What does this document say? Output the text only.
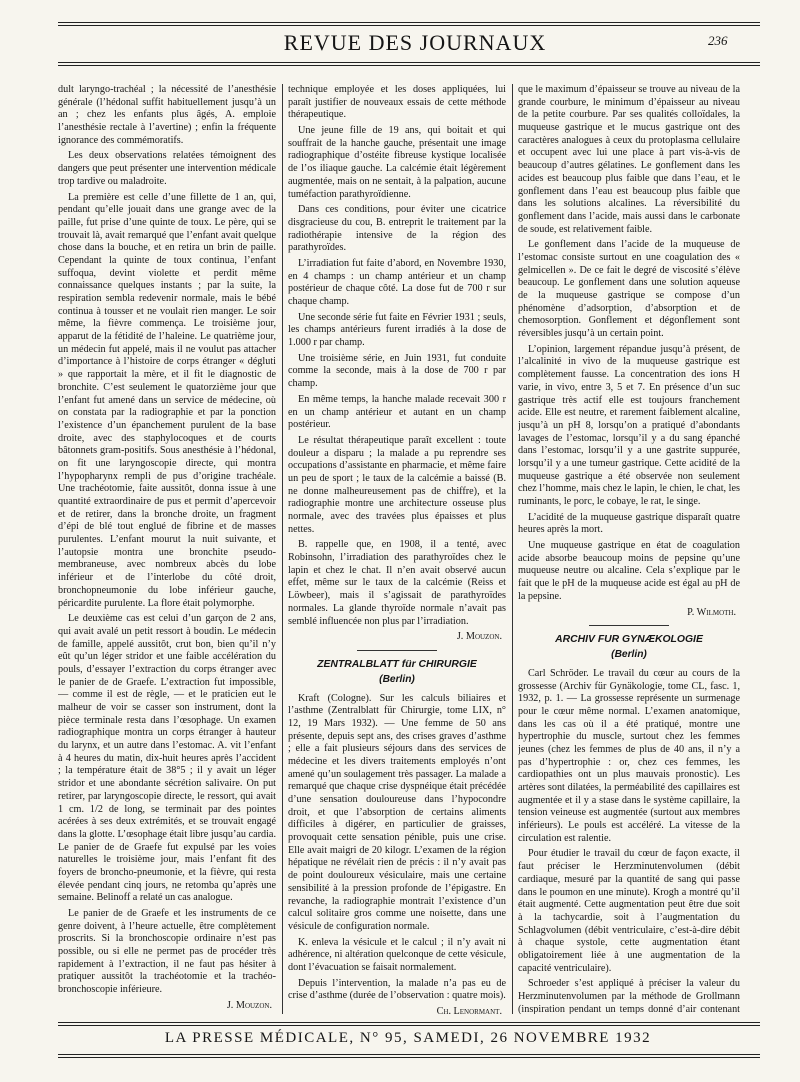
REVUE DES JOURNAUX	236

dult laryngo-trachéal ; la nécessité de l’anesthésie générale (l’hédonal suffit habituellement jusqu’à un an ; chez les enfants plus âgés, A. emploie l’anesthésie rectale à l’avertine) ; enfin la fréquente ignorance des commémoratifs.

Les deux observations relatées témoignent des dangers que peut présenter une intervention médicale trop tardive ou maladroite.

La première est celle d’une fillette de 1 an, qui, pendant qu’elle jouait dans une grange avec de la paille, fut prise d’une quinte de toux. Le père, qui se trouvait là, avait remarqué que l’enfant avait quelque chose dans la bouche, et en retira un brin de paille. Cependant la quinte de toux continua, l’enfant suffoqua, devint violette et perdit même connaissance quelques instants ; par la suite, la respiration sembla redevenir normale, mais le bébé continua à tousser et ne voulait rien manger. Le soir même, la fièvre commença. Le troisième jour, apparut de la fétidité de l’haleine. Le quatrième jour, un médecin fut appelé, mais il ne voulut pas attacher d’importance à l’histoire de corps étranger « dégluti » que rapportait la mère, et il fit le diagnostic de bronchite. C’est seulement le quatorzième jour que l’enfant fut amené dans un service de médecine, où on constata par la radiographie et par la ponction l’existence d’un épanchement purulent de la base droite, avec des staphylocoques et de courts bâtonnets gram-positifs. Sous anesthésie à l’hédonal, on fit une laryngoscopie directe, qui montra l’hypopharynx rempli de pus d’origine trachéale. Une trachéotomie, faite aussitôt, donna issue à une quantité extraordinaire de pus et permit d’apercevoir et de retirer, dans la bronche droite, un fragment d’épi de blé tout englué de fibrine et de masses purulentes. L’enfant mourut la nuit suivante, et l’autopsie montra une bronchite pseudo-membraneuse, avec nombreux abcès du lobe inférieur et de l’interlobe du côté droit, bronchopneumonie du lobe inférieur gauche, péricardite purulente. La flore était polymorphe.

Le deuxième cas est celui d’un garçon de 2 ans, qui avait avalé un petit ressort à boudin. Le médecin de famille, appelé aussitôt, crut bon, bien qu’il n’y eût qu’un léger stridor et une faible accélération du pouls, d’essayer l’extraction du corps étranger avec le panier de de Graefe. L’extraction fut impossible, — comme il est de règle, — et le praticien eut le malheur de voir se casser son instrument, dont la pièce terminale resta dans l’œsophage. Un examen radiographique montra un corps étranger à hauteur du larynx, et un autre dans l’estomac. A. vit l’enfant à 4 heures du matin, dix-huit heures après l’accident ; la température était de 38°5 ; il y avait un léger stridor et une abondante sécrétion salivaire. On put retirer, par laryngoscopie directe, le ressort, qui avait 1 cm. 1/2 de long, se terminait par des pointes acérées à ses deux extrémités, et se trouvait engagé dans la glotte. L’œsophage était libre jusqu’au cardia. Le panier de de Graefe fut expulsé par les voies naturelles le troisième jour, mais l’enfant fit des foyers de broncho-pneumonie, et la fièvre, qui resta élevée pendant cinq jours, ne retomba qu’après une semaine. Belinoff a relaté un cas analogue.

Le panier de de Graefe et les instruments de ce genre doivent, à l’heure actuelle, être complètement proscrits. Si la bronchoscopie ordinaire n’est pas possible, ou si elle ne permet pas de procéder très rapidement à l’extraction, il ne faut pas hésiter à pratiquer aussitôt la trachéotomie et la trachéo-bronchoscopie inférieure.

J. Mouzon.

technique employée et les doses appliquées, lui paraît justifier de nouveaux essais de cette méthode thérapeutique.

Une jeune fille de 19 ans, qui boitait et qui souffrait de la hanche gauche, présentait une image radiographique d’ostéite fibreuse kystique localisée de l’os iliaque gauche. La calcémie était légèrement augmentée, mais on ne sentait, à la palpation, aucune tuméfaction parathyroïdienne.

Dans ces conditions, pour éviter une cicatrice disgracieuse du cou, B. entreprit le traitement par la radiothérapie intensive de la région des parathyroïdes.

L’irradiation fut faite d’abord, en Novembre 1930, en 4 champs : un champ antérieur et un champ postérieur de chaque côté. La dose fut de 700 r sur chaque champ.

Une seconde série fut faite en Février 1931 ; seuls, les champs antérieurs furent irradiés à la dose de 1.000 r par champ.

Une troisième série, en Juin 1931, fut conduite comme la seconde, mais à la dose de 700 r par champ.

En même temps, la hanche malade recevait 300 r en un champ antérieur et autant en un champ postérieur.

Le résultat thérapeutique paraît excellent : toute douleur a disparu ; la malade a pu reprendre ses occupations d’assistante en pharmacie, et même faire un peu de sport ; le taux de la calcémie a baissé (B. ne donne malheureusement pas de chiffre), et la radiographie montre une architecture osseuse plus normale, avec des travées plus épaisses et plus nettes.

B. rappelle que, en 1908, il a tenté, avec Robinsohn, l’irradiation des parathyroïdes chez le lapin et chez le chat. Il n’en avait observé aucun effet, même sur le taux de la calcémie (Reiss et Löwbeer), mais il s’agissait de parathyroïdes normales. La glande thyroïde normale n’avait pas semblé influencée non plus par l’irradiation.

J. Mouzon.
ZENTRALBLATT für CHIRURGIE
(Berlin)

Kraft (Cologne). Sur les calculs biliaires et l’asthme (Zentralblatt für Chirurgie, tome LIX, n° 12, 19 Mars 1932). — Une femme de 50 ans présente, depuis sept ans, des crises graves d’asthme ; elle a fait plusieurs séjours dans des services de médecine et les divers traitements employés n’ont amené qu’un soulagement très passager. La malade a remarqué que chaque crise dyspnéique était précédée d’une sensation douloureuse dans l’hypocondre droit, et que l’absorption de certains aliments difficiles à digérer, en particulier de graisses, provoquait cette sensation pénible, puis une crise. Elle avait maigri de 20 kilogr. L’examen de la région hépatique ne révélait rien de précis : il n’y avait pas de point douloureux vésiculaire, mais une certaine sensibilité à la pression profonde de l’épigastre. En revanche, la radiographie montrait l’existence d’un calcul solitaire gros comme une noisette, dans une vésicule de configuration normale.

K. enleva la vésicule et le calcul ; il n’y avait ni adhérence, ni altération quelconque de cette vésicule, dont l’évacuation se faisait normalement.

Depuis l’intervention, la malade n’a pas eu de crise d’asthme (durée de l’observation : quatre mois).

Ch. Lenormant.

que le maximum d’épaisseur se trouve au niveau de la grande courbure, le minimum d’épaisseur au niveau de la petite courbure. Par ses qualités colloïdales, la muqueuse gastrique et le mucus gastrique ont des caractères analogues à ceux du protoplasma cellulaire et occupent avec lui une place à part vis-à-vis de beaucoup d’autres gélatines. Le gonflement dans les acides est beaucoup plus faible que dans l’eau, et le gonflement dans l’eau est beaucoup plus faible que dans les solutions alcalines. La réversibilité du gonflement dans l’acide, mais aussi dans le carbonate de soude, est relativement faible.

Le gonflement dans l’acide de la muqueuse de l’estomac consiste surtout en une coagulation des « gelmicellen ». De ce fait le degré de viscosité s’élève beaucoup. Le gonflement dans une solution aqueuse de la muqueuse gastrique se compose d’un phénomène d’adsorption, d’absorption et de chemosorption. Gonflement et dégonflement sont réversibles jusqu’à un certain point.

L’opinion, largement répandue jusqu’à présent, de l’alcalinité in vivo de la muqueuse gastrique est complètement fausse. La concentration des ions H varie, in vivo, entre 3, 5 et 7. En présence d’un suc gastrique très actif elle est toujours franchement acide. Elle est neutre, et rarement faiblement alcaline, jusqu’à un pH 8, lorsqu’on a pratiqué d’abondants lavages de l’estomac, lorsqu’il y a du sang épanché dans l’estomac, lorsqu’il y a une gastrite suppurée, lorsqu’il y a une tumeur gastrique. Cette acidité de la muqueuse gastrique a été observée non seulement chez l’homme, mais chez le lapin, le chien, le chat, les ruminants, le porc, le cobaye, le rat, le singe.

L’acidité de la muqueuse gastrique disparaît quatre heures après la mort.

Une muqueuse gastrique en état de coagulation acide absorbe beaucoup moins de pepsine qu’une muqueuse neutre ou alcaline. Cela s’explique par le fait que le pH de la muqueuse acide est égal au pH de la pepsine.

P. Wilmoth.
ARCHIV FUR GYNÆKOLOGIE
(Berlin)

Carl Schröder. Le travail du cœur au cours de la grossesse (Archiv für Gynäkologie, tome CL, fasc. 1, 1932, p. 1. — La grossesse représente un surmenage pour le cœur même normal. L’examen anatomique, dans les cas où il a été pratiqué, montre une hypertrophie du muscle, surtout chez les femmes jeunes (chez les femmes de plus de 40 ans, il n’y a pas d’hypertrophie : or, chez ces femmes, les cardiopathies ont un plus mauvais pronostic). Les artères sont dilatées, la perméabilité des capillaires est augmentée et il y a stase dans le système capillaire, la tension veineuse est augmentée (surtout aux membres inférieurs). Le pouls est accéléré. La vitesse de la circulation est ralentie.

Pour étudier le travail du cœur de façon exacte, il faut préciser le Herzminutenvolumen (débit cardiaque, mesuré par la quantité de sang qui passe dans le poumon en une minute). Krogh a montré qu’il était augmenté. Cette augmentation peut être due soit à la tachycardie, soit à l’augmentation du Schlagvolumen (débit ventriculaire, c’est-à-dire débit à chaque systole, cette augmentation étant obligatoirement liée à une augmentation de la capacité ventriculaire).

Schroeder s’est appliqué à préciser la valeur du Herzminutenvolumen par la méthode de Grollmann (inspiration pendant un temps donné d’air contenant

LA PRESSE MÉDICALE, N° 95, SAMEDI, 26 NOVEMBRE 1932
